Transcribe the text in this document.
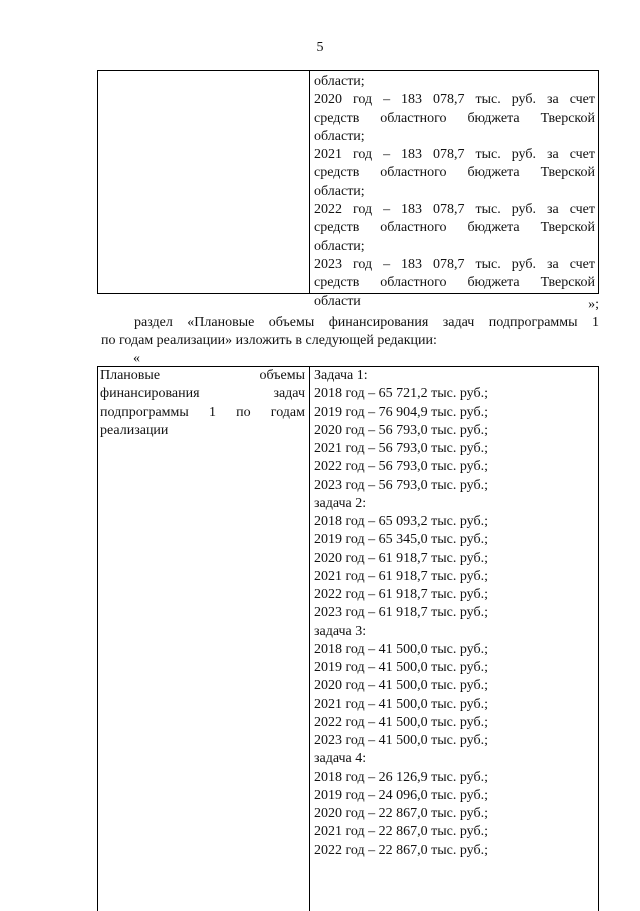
5
области;
2020 год – 183 078,7 тыс. руб. за счет
средств областного бюджета Тверской
области;
2021 год – 183 078,7 тыс. руб. за счет
средств областного бюджета Тверской
области;
2022 год – 183 078,7 тыс. руб. за счет
средств областного бюджета Тверской
области;
2023 год – 183 078,7 тыс. руб. за счет
средств областного бюджета Тверской
области	»;
раздел «Плановые объемы финансирования задач подпрограммы 1
по годам реализации» изложить в следующей редакции:
«
Плановые объемы
финансирования задач
подпрограммы 1 по годам
реализации
Задача 1:
2018 год – 65 721,2 тыс. руб.;
2019 год – 76 904,9 тыс. руб.;
2020 год – 56 793,0 тыс. руб.;
2021 год – 56 793,0 тыс. руб.;
2022 год – 56 793,0 тыс. руб.;
2023 год – 56 793,0 тыс. руб.;
задача 2:
2018 год – 65 093,2 тыс. руб.;
2019 год – 65 345,0 тыс. руб.;
2020 год – 61 918,7 тыс. руб.;
2021 год – 61 918,7 тыс. руб.;
2022 год – 61 918,7 тыс. руб.;
2023 год – 61 918,7 тыс. руб.;
задача 3:
2018 год – 41 500,0 тыс. руб.;
2019 год – 41 500,0 тыс. руб.;
2020 год – 41 500,0 тыс. руб.;
2021 год – 41 500,0 тыс. руб.;
2022 год – 41 500,0 тыс. руб.;
2023 год – 41 500,0 тыс. руб.;
задача 4:
2018 год – 26 126,9 тыс. руб.;
2019 год – 24 096,0 тыс. руб.;
2020 год – 22 867,0 тыс. руб.;
2021 год – 22 867,0 тыс. руб.;
2022 год – 22 867,0 тыс. руб.;
